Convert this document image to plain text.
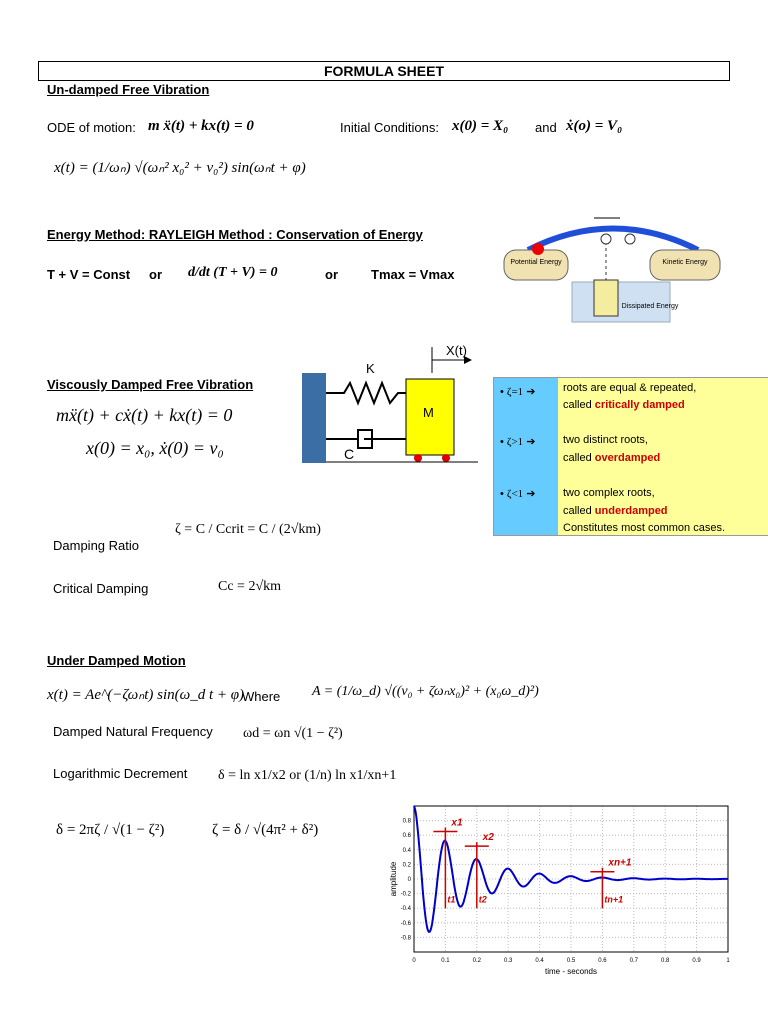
FORMULA SHEET
Un-damped Free Vibration
ODE of motion: m ẍ(t) + kx(t) = 0	Initial Conditions: x(0) = X₀ and ẋ(o) = V₀
x(t) = (1/ωₙ) √(ωₙ² x₀² + v₀²) sin(ωₙt + φ)
Energy Method: RAYLEIGH Method : Conservation of Energy
T + V = Const or d/dt (T + V) = 0	or	Tmax = Vmax
Potential Energy	Kinetic Energy
Dissipated Energy
Viscously Damped Free Vibration
mẍ(t) + cẋ(t) + kx(t) = 0
x(0) = x₀, ẋ(0) = v₀
K
M
C
X(t)
• ζ=1 ➔	roots are equal & repeated,
called critically damped
• ζ>1 ➔	two distinct roots,
called overdamped
• ζ<1 ➔	two complex roots,
called underdamped
Constitutes most common cases.
Damping Ratio
ζ = C / Ccrit = C / (2√km)
Critical Damping	Cc = 2√km
Under Damped Motion
x(t) = Ae^(−ζωₙt) sin(ω_d t + φ)
Where A = (1/ω_d) √((v₀ + ζωₙx₀)² + (x₀ω_d)²)
Damped Natural Frequency ωd = ωn √(1 − ζ²)
Logarithmic Decrement δ = ln x1/x2 or (1/n) ln x1/xn+1
δ = 2πζ / √(1 − ζ²)	ζ = δ / √(4π² + δ²)
0	0.1	0.2	0.3	0.4	0.5	0.6	0.7	0.8	0.9	1
0.8
0.6
0.4
0.2
0
-0.2
-0.4
-0.6
-0.8
x1
x2
xn+1
t1	t2	tn+1
time - seconds
amplitude
